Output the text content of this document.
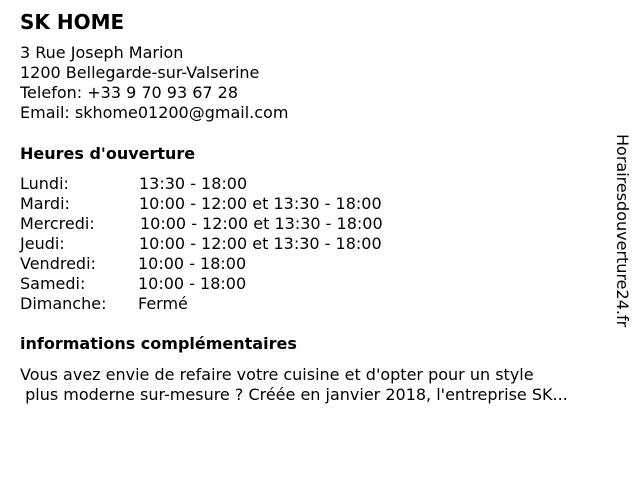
SK HOME
3 Rue Joseph Marion
1200 Bellegarde-sur-Valserine
Telefon: +33 9 70 93 67 28
Email: skhome01200@gmail.com
Heures d'ouverture
Lundi:	13:30 - 18:00
Mardi:	10:00 - 12:00 et 13:30 - 18:00
Mercredi:	10:00 - 12:00 et 13:30 - 18:00
Jeudi:	10:00 - 12:00 et 13:30 - 18:00
Vendredi:	10:00 - 18:00
Samedi:	10:00 - 18:00
Dimanche: Fermé
informations complémentaires
Vous avez envie de refaire votre cuisine et d'opter pour un style
plus moderne sur-mesure ? Créée en janvier 2018, l'entreprise SK...
Horairesdouverture24.fr
